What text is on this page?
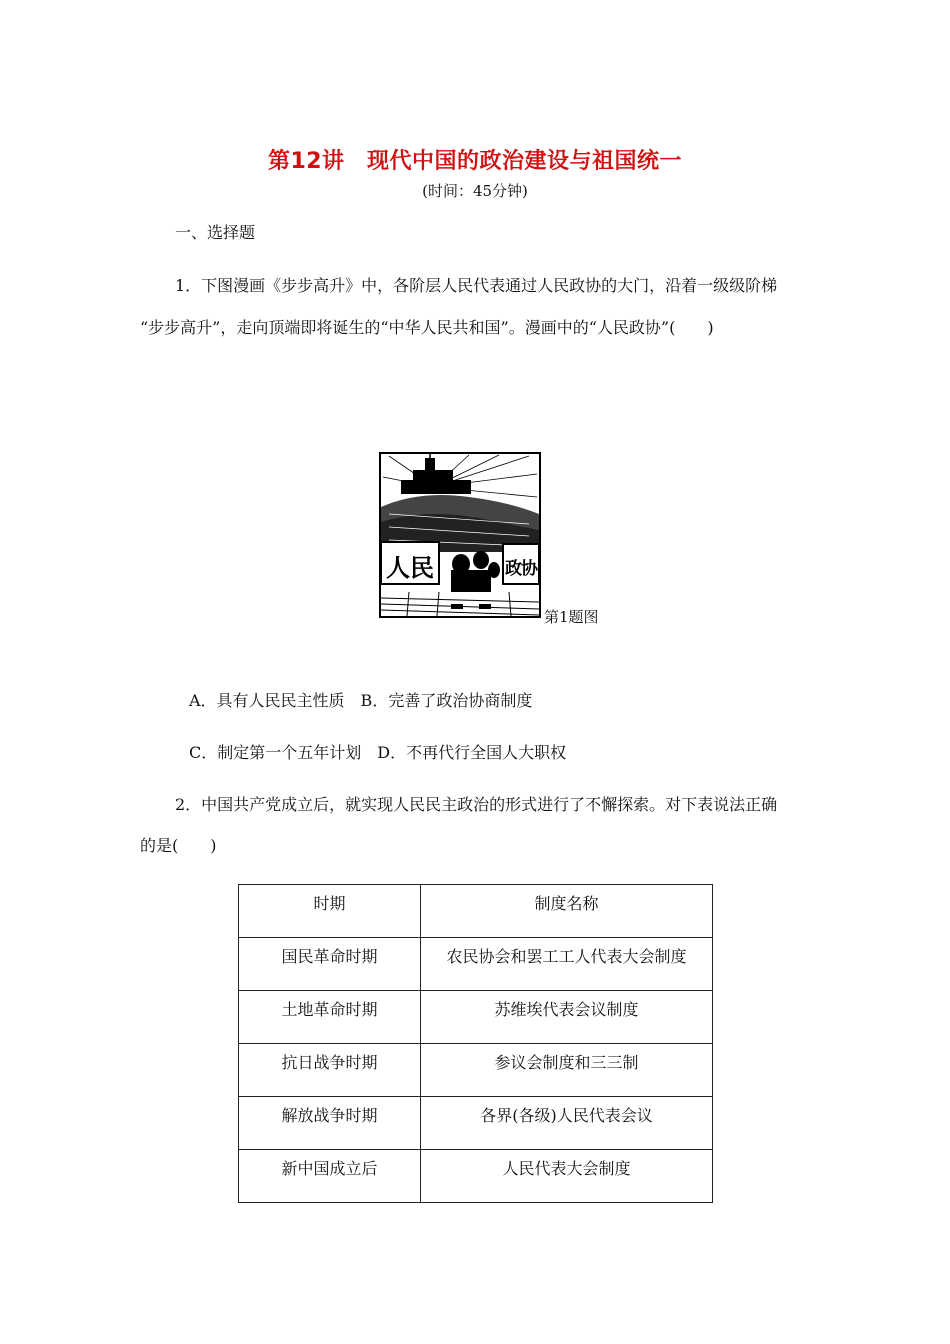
第12讲　现代中国的政治建设与祖国统一
(时间：45分钟)
一、选择题
1．下图漫画《步步高升》中，各阶层人民代表通过人民政协的大门，沿着一级级阶梯
“步步高升”，走向顶端即将诞生的“中华人民共和国”。漫画中的“人民政协”(　　)
人民	政协
第1题图
A．具有人民民主性质　B．完善了政治协商制度
C．制定第一个五年计划　D．不再代行全国人大职权
2．中国共产党成立后，就实现人民民主政治的形式进行了不懈探索。对下表说法正确
的是(　　)
时期	制度名称
国民革命时期	农民协会和罢工工人代表大会制度
土地革命时期	苏维埃代表会议制度
抗日战争时期	参议会制度和三三制
解放战争时期	各界(各级)人民代表会议
新中国成立后	人民代表大会制度
